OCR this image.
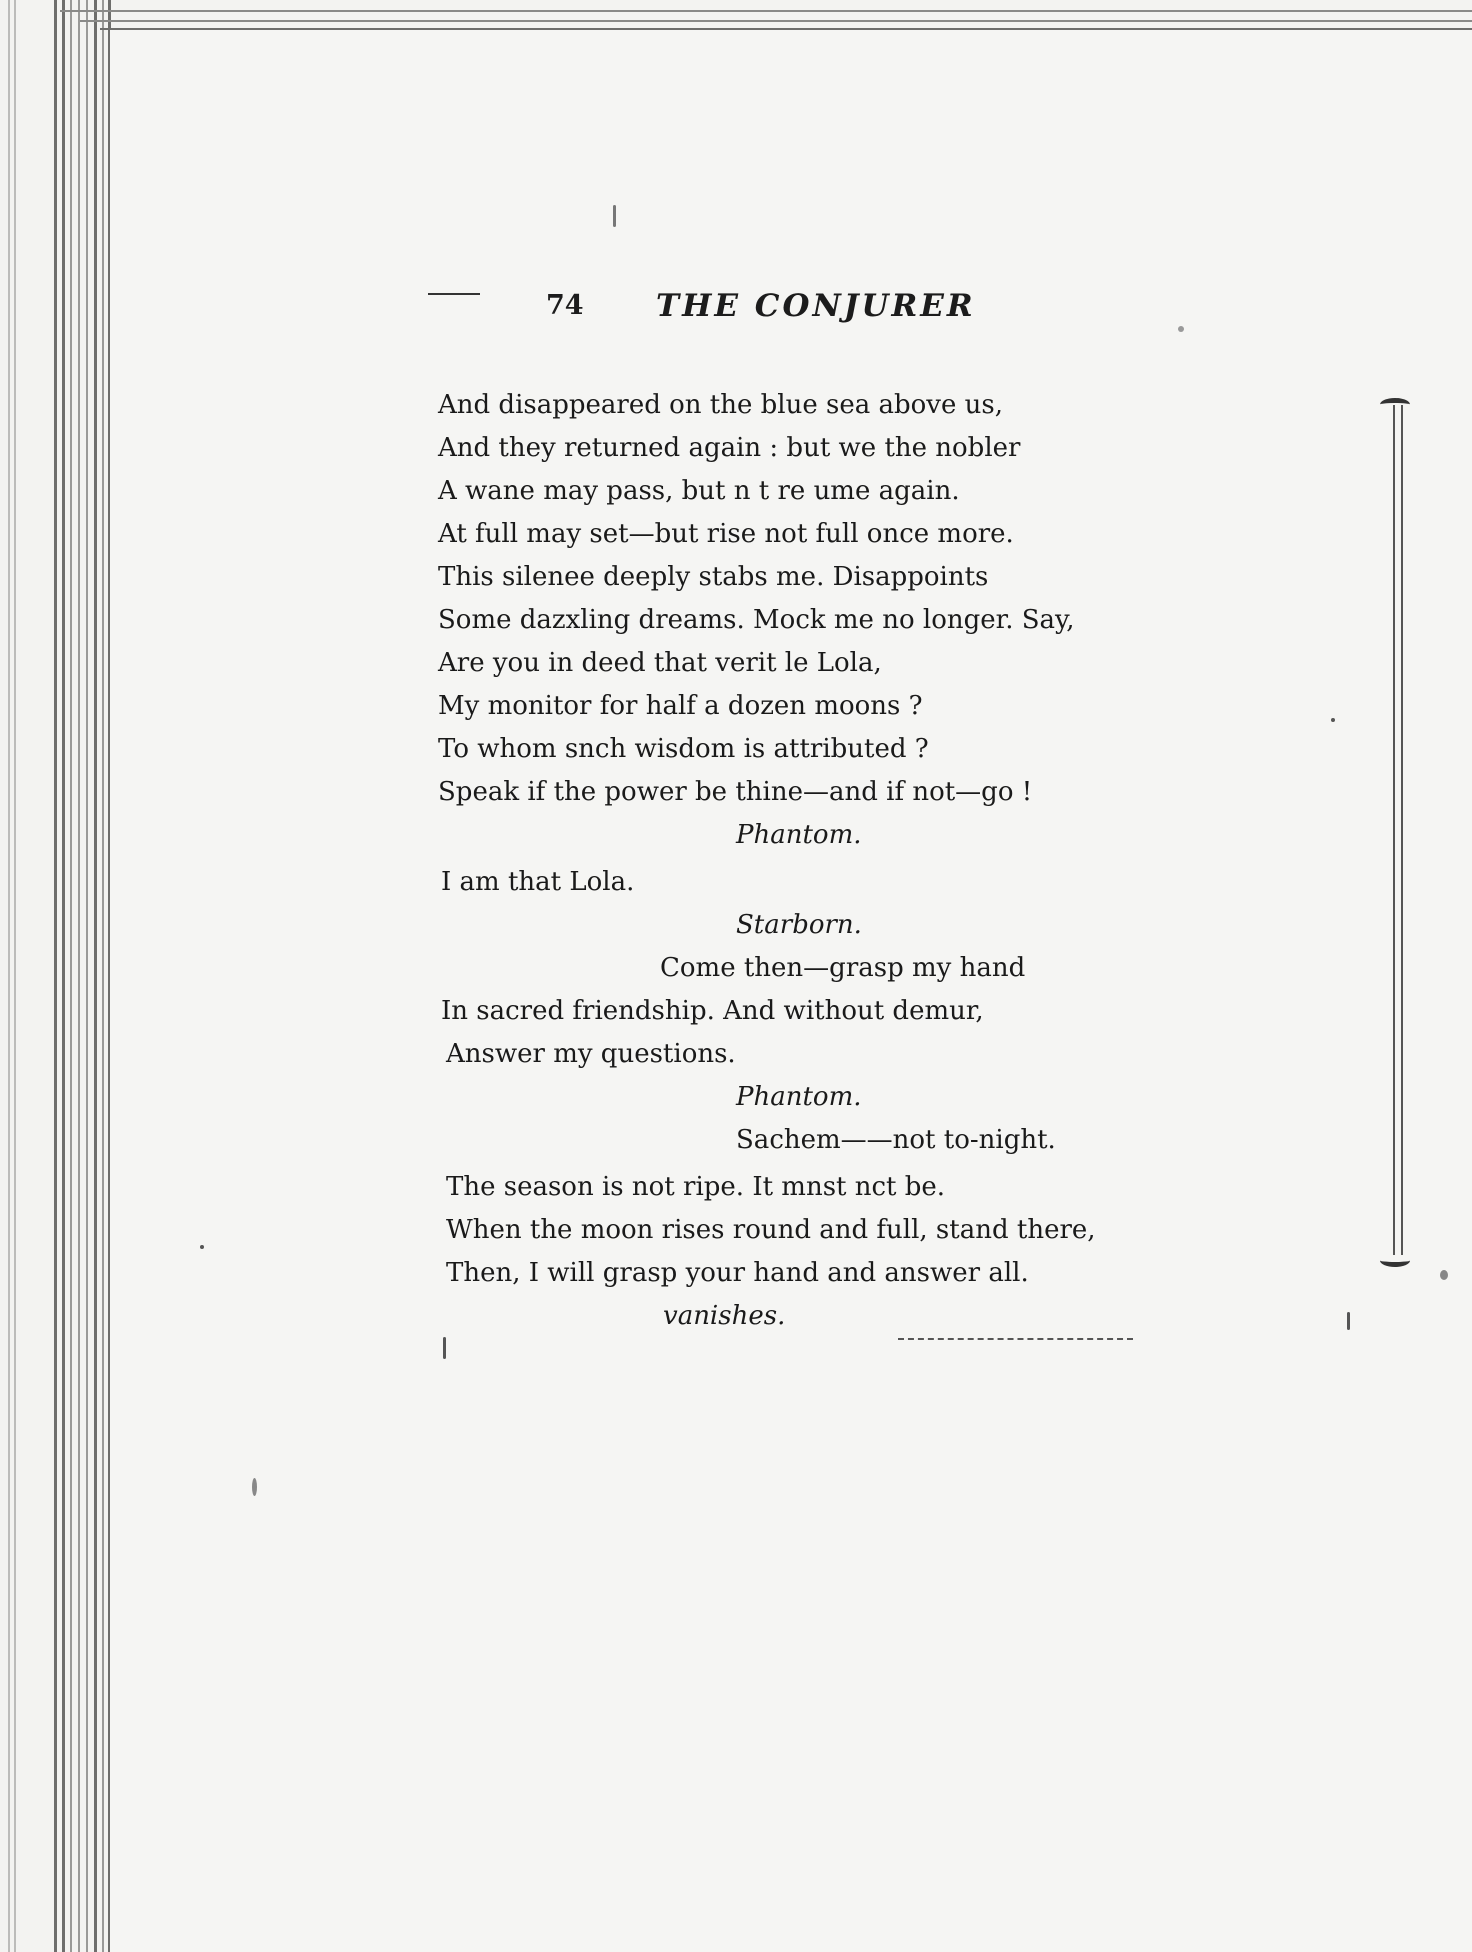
74 THE CONJURER
And disappeared on the blue sea above us,
And they returned again : but we the nobler
A wane may pass, but n t re ume again.
At full may set—but rise not full once more.
This silenee deeply stabs me. Disappoints
Some dazxling dreams. Mock me no longer. Say,
Are you in deed that verit le Lola,
My monitor for half a dozen moons ?
To whom snch wisdom is attributed ?
Speak if the power be thine—and if not—go !
Phantom.
I am that Lola.
Starborn.
Come then—grasp my hand
In sacred friendship. And without demur,
Answer my questions.
Phantom.
Sachem——not to-night.
The season is not ripe. It mnst nct be.
When the moon rises round and full, stand there,
Then, I will grasp your hand and answer all.
vanishes.
